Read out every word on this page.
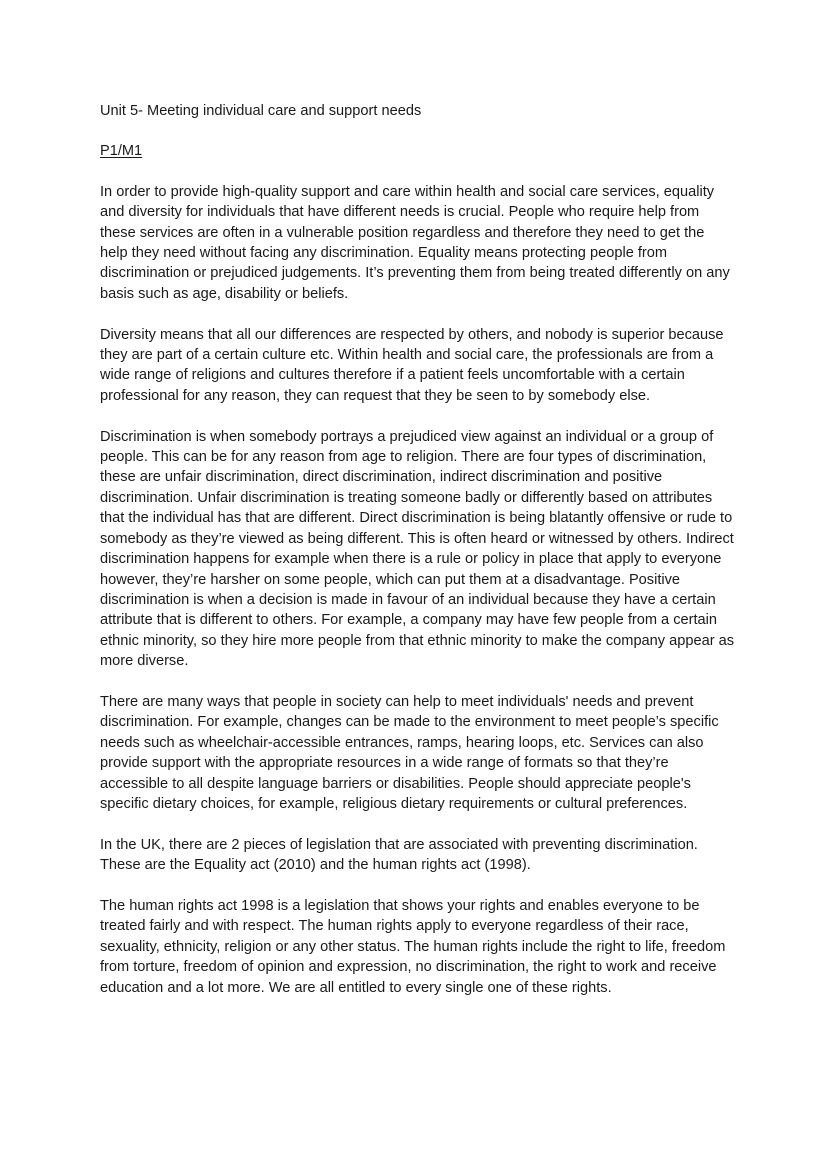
Unit 5- Meeting individual care and support needs

P1/M1

In order to provide high-quality support and care within health and social care services, equality and diversity for individuals that have different needs is crucial. People who require help from these services are often in a vulnerable position regardless and therefore they need to get the help they need without facing any discrimination. Equality means protecting people from discrimination or prejudiced judgements. It’s preventing them from being treated differently on any basis such as age, disability or beliefs.

Diversity means that all our differences are respected by others, and nobody is superior because they are part of a certain culture etc. Within health and social care, the professionals are from a wide range of religions and cultures therefore if a patient feels uncomfortable with a certain professional for any reason, they can request that they be seen to by somebody else.

Discrimination is when somebody portrays a prejudiced view against an individual or a group of people. This can be for any reason from age to religion. There are four types of discrimination, these are unfair discrimination, direct discrimination, indirect discrimination and positive discrimination. Unfair discrimination is treating someone badly or differently based on attributes that the individual has that are different. Direct discrimination is being blatantly offensive or rude to somebody as they’re viewed as being different. This is often heard or witnessed by others. Indirect discrimination happens for example when there is a rule or policy in place that apply to everyone however, they’re harsher on some people, which can put them at a disadvantage. Positive discrimination is when a decision is made in favour of an individual because they have a certain attribute that is different to others. For example, a company may have few people from a certain ethnic minority, so they hire more people from that ethnic minority to make the company appear as more diverse.

There are many ways that people in society can help to meet individuals' needs and prevent discrimination. For example, changes can be made to the environment to meet people’s specific needs such as wheelchair-accessible entrances, ramps, hearing loops, etc. Services can also provide support with the appropriate resources in a wide range of formats so that they’re accessible to all despite language barriers or disabilities. People should appreciate people's specific dietary choices, for example, religious dietary requirements or cultural preferences.

In the UK, there are 2 pieces of legislation that are associated with preventing discrimination. These are the Equality act (2010) and the human rights act (1998).

The human rights act 1998 is a legislation that shows your rights and enables everyone to be treated fairly and with respect. The human rights apply to everyone regardless of their race, sexuality, ethnicity, religion or any other status. The human rights include the right to life, freedom from torture, freedom of opinion and expression, no discrimination, the right to work and receive education and a lot more. We are all entitled to every single one of these rights.
